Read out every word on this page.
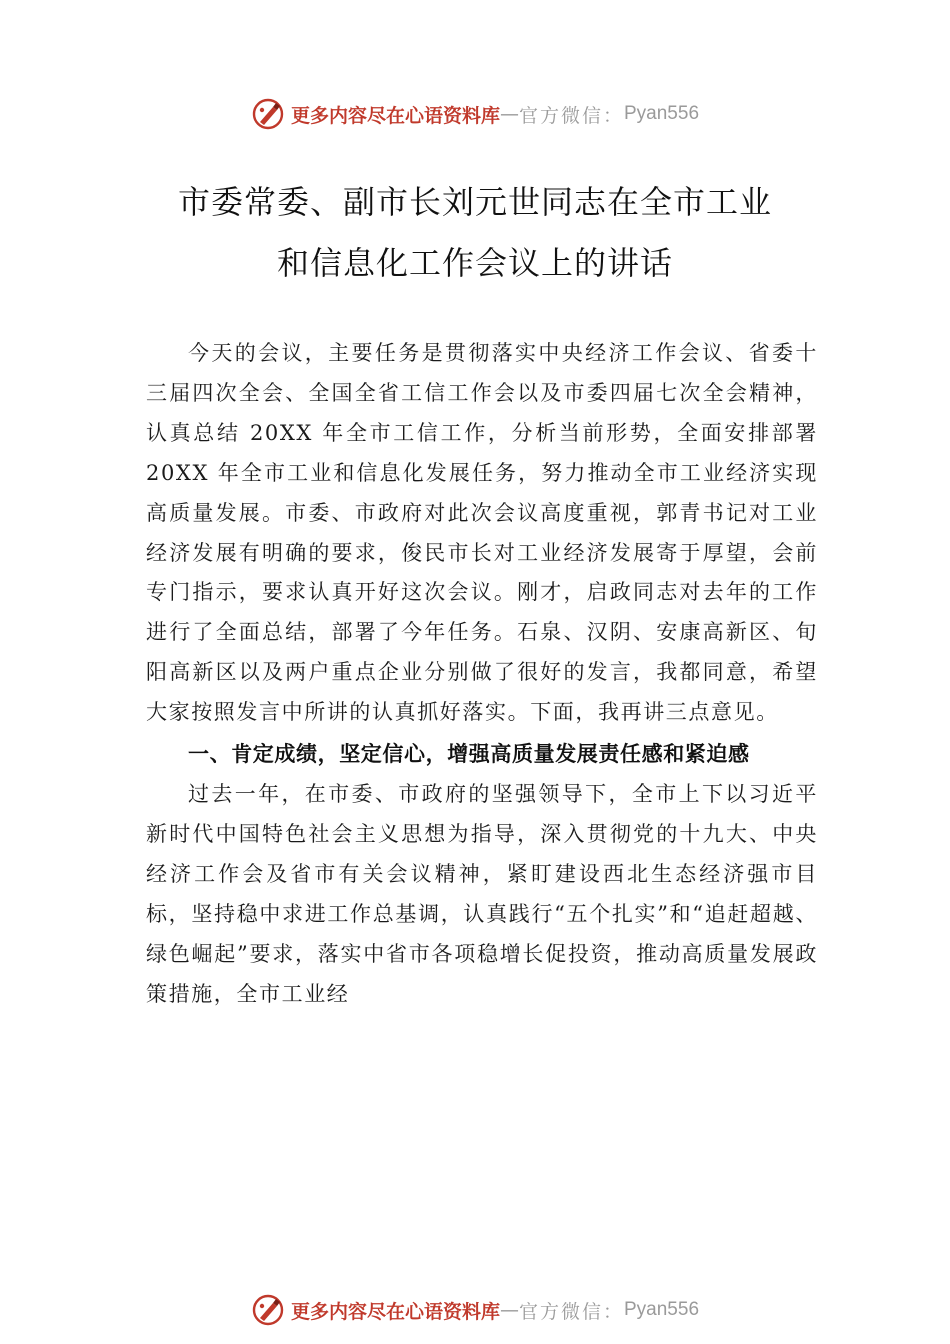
更多内容尽在心语资料库 — 官方微信： Pyan556
市委常委、副市长刘元世同志在全市工业
和信息化工作会议上的讲话

今天的会议，主要任务是贯彻落实中央经济工作会议、省委十三届四次全会、全国全省工信工作会以及市委四届七次全会精神，认真总结 20XX 年全市工信工作，分析当前形势，全面安排部署 20XX 年全市工业和信息化发展任务，努力推动全市工业经济实现高质量发展。市委、市政府对此次会议高度重视，郭青书记对工业经济发展有明确的要求，俊民市长对工业经济发展寄于厚望，会前专门指示，要求认真开好这次会议。刚才，启政同志对去年的工作进行了全面总结，部署了今年任务。石泉、汉阴、安康高新区、旬阳高新区以及两户重点企业分别做了很好的发言，我都同意，希望大家按照发言中所讲的认真抓好落实。下面，我再讲三点意见。

一、肯定成绩，坚定信心，增强高质量发展责任感和紧迫感

过去一年，在市委、市政府的坚强领导下，全市上下以习近平新时代中国特色社会主义思想为指导，深入贯彻党的十九大、中央经济工作会及省市有关会议精神，紧盯建设西北生态经济强市目标，坚持稳中求进工作总基调，认真践行“五个扎实”和“追赶超越、绿色崛起”要求，落实中省市各项稳增长促投资，推动高质量发展政策措施，全市工业经

更多内容尽在心语资料库 — 官方微信： Pyan556
